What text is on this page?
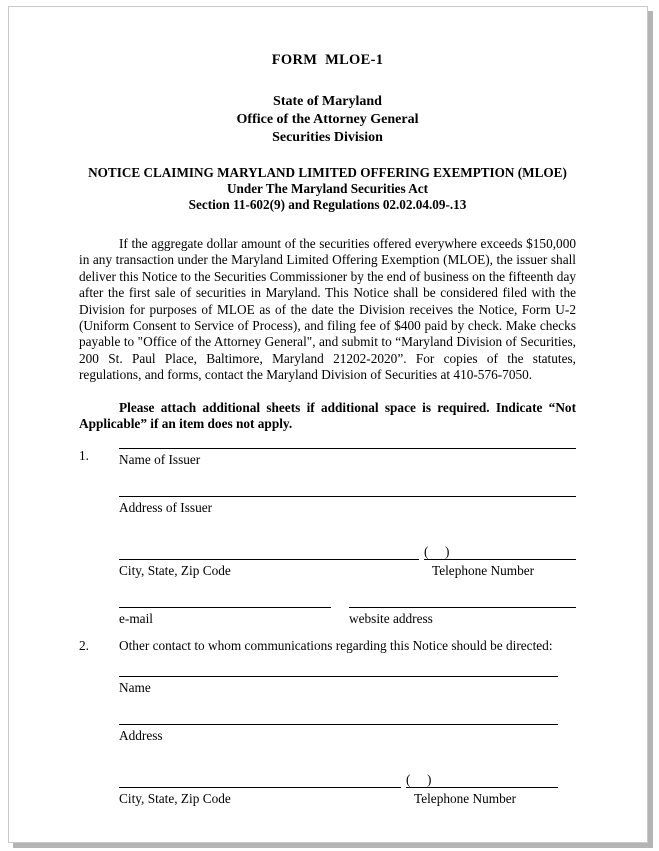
FORM  MLOE-1
State of Maryland
Office of the Attorney General
Securities Division
NOTICE CLAIMING MARYLAND LIMITED OFFERING EXEMPTION (MLOE)
Under The Maryland Securities Act
Section 11-602(9) and Regulations 02.02.04.09-.13

If the aggregate dollar amount of the securities offered everywhere exceeds $150,000 in any transaction under the Maryland Limited Offering Exemption (MLOE), the issuer shall deliver this Notice to the Securities Commissioner by the end of business on the fifteenth day after the first sale of securities in Maryland. This Notice shall be considered filed with the Division for purposes of MLOE as of the date the Division receives the Notice, Form U-2 (Uniform Consent to Service of Process), and filing fee of $400 paid by check. Make checks payable to "Office of the Attorney General", and submit to “Maryland Division of Securities, 200 St. Paul Place, Baltimore, Maryland 21202-2020”. For copies of the statutes, regulations, and forms, contact the Maryland Division of Securities at 410-576-7050.

Please attach additional sheets if additional space is required. Indicate “Not Applicable” if an item does not apply.

1.	Name of Issuer
Address of Issuer
(     )
City, State, Zip Code	Telephone Number
e-mail	website address
2.	Other contact to whom communications regarding this Notice should be directed:

Name
Address
(     )
City, State, Zip Code	Telephone Number
